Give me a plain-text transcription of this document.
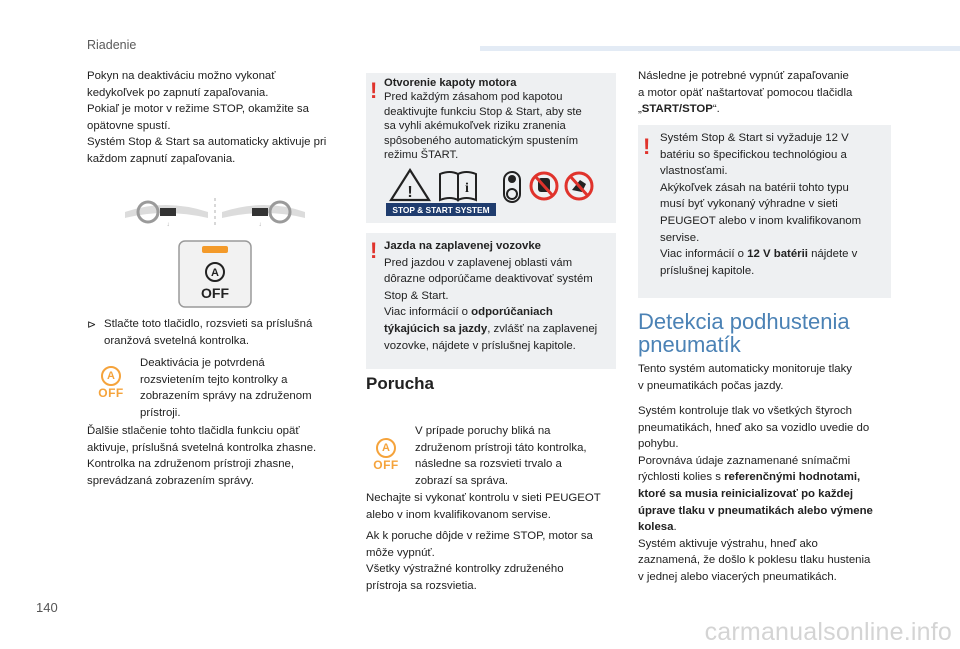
Riadenie
140
carmanualsonline.info
Pokyn na deaktiváciu možno vykonať
kedykoľvek po zapnutí zapaľovania.
Pokiaľ je motor v režime STOP, okamžite sa
opätovne spustí.
Systém Stop & Start sa automaticky aktivuje pri
každom zapnutí zapaľovania.
↓	↓
A
OFF
⊳ Stlačte toto tlačidlo, rozsvieti sa príslušná
oranžová svetelná kontrolka.
A
OFF
Deaktivácia je potvrdená
rozsvietením tejto kontrolky a
zobrazením správy na združenom
prístroji.
Ďalšie stlačenie tohto tlačidla funkciu opäť
aktivuje, príslušná svetelná kontrolka zhasne.
Kontrolka na združenom prístroji zhasne,
sprevádzaná zobrazením správy.
! Otvorenie kapoty motora
Pred každým zásahom pod kapotou
deaktivujte funkciu Stop & Start, aby ste
sa vyhli akémukoľvek riziku zranenia
spôsobeného automatickým spustením
režimu ŠTART.
!	i
STOP & START SYSTEM
! Jazda na zaplavenej vozovke
Pred jazdou v zaplavenej oblasti vám
dôrazne odporúčame deaktivovať systém
Stop & Start.
Viac informácií o odporúčaniach
týkajúcich sa jazdy, zvlášť na zaplavenej
vozovke, nájdete v príslušnej kapitole.
Porucha
A
OFF
V prípade poruchy bliká na
združenom prístroji táto kontrolka,
následne sa rozsvieti trvalo a
zobrazí sa správa.
Nechajte si vykonať kontrolu v sieti PEUGEOT
alebo v inom kvalifikovanom servise.
Ak k poruche dôjde v režime STOP, motor sa
môže vypnúť.
Všetky výstražné kontrolky združeného
prístroja sa rozsvietia.
Následne je potrebné vypnúť zapaľovanie
a motor opäť naštartovať pomocou tlačidla
„START/STOP“.
! Systém Stop & Start si vyžaduje 12 V
batériu so špecifickou technológiou a
vlastnosťami.
Akýkoľvek zásah na batérii tohto typu
musí byť vykonaný výhradne v sieti
PEUGEOT alebo v inom kvalifikovanom
servise.
Viac informácií o 12 V batérii nájdete v
príslušnej kapitole.
Detekcia podhustenia
pneumatík
Tento systém automaticky monitoruje tlaky
v pneumatikách počas jazdy.
Systém kontroluje tlak vo všetkých štyroch
pneumatikách, hneď ako sa vozidlo uvedie do
pohybu.
Porovnáva údaje zaznamenané snímačmi
rýchlosti kolies s referenčnými hodnotami,
ktoré sa musia reinicializovať po každej
úprave tlaku v pneumatikách alebo výmene
kolesa.
Systém aktivuje výstrahu, hneď ako
zaznamená, že došlo k poklesu tlaku hustenia
v jednej alebo viacerých pneumatikách.
